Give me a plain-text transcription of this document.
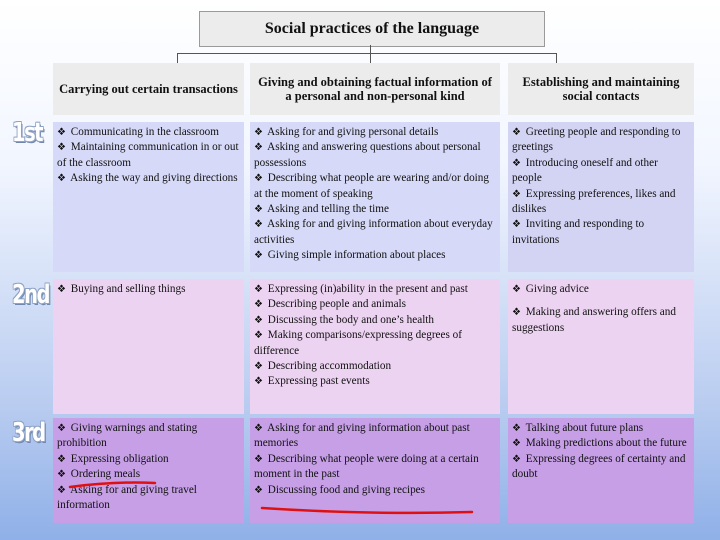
Social practices of the language
Carrying out certain transactions	Giving and obtaining factual information of a personal and non-personal kind
Establishing and maintaining social contacts
1st
2nd
3rd
❖ Communicating in the classroom
❖ Maintaining communication in or out of the classroom
❖ Asking the way and giving directions
❖ Asking for and giving personal details
❖ Asking and answering questions about personal possessions
❖ Describing what people are wearing and/or doing at the moment of speaking
❖ Asking and telling the time
❖ Asking for and giving information about everyday activities
❖ Giving simple information about places
❖ Greeting people and responding to greetings
❖ Introducing oneself and other people
❖ Expressing preferences, likes and dislikes
❖ Inviting and responding to invitations
❖ Buying and selling things	❖ Expressing (in)ability in the present and past
❖ Describing people and animals
❖ Discussing the body and one’s health
❖ Making comparisons/expressing degrees of difference
❖ Describing accommodation
❖ Expressing past events
❖ Giving advice
❖ Making and answering offers and suggestions
❖ Giving warnings and stating prohibition
❖ Expressing obligation
❖ Ordering meals
❖ Asking for and giving travel information
❖ Asking for and giving information about past memories
❖ Describing what people were doing at a certain moment in the past
❖ Discussing food and giving recipes
❖ Talking about future plans
❖ Making predictions about the future
❖ Expressing degrees of certainty and doubt
